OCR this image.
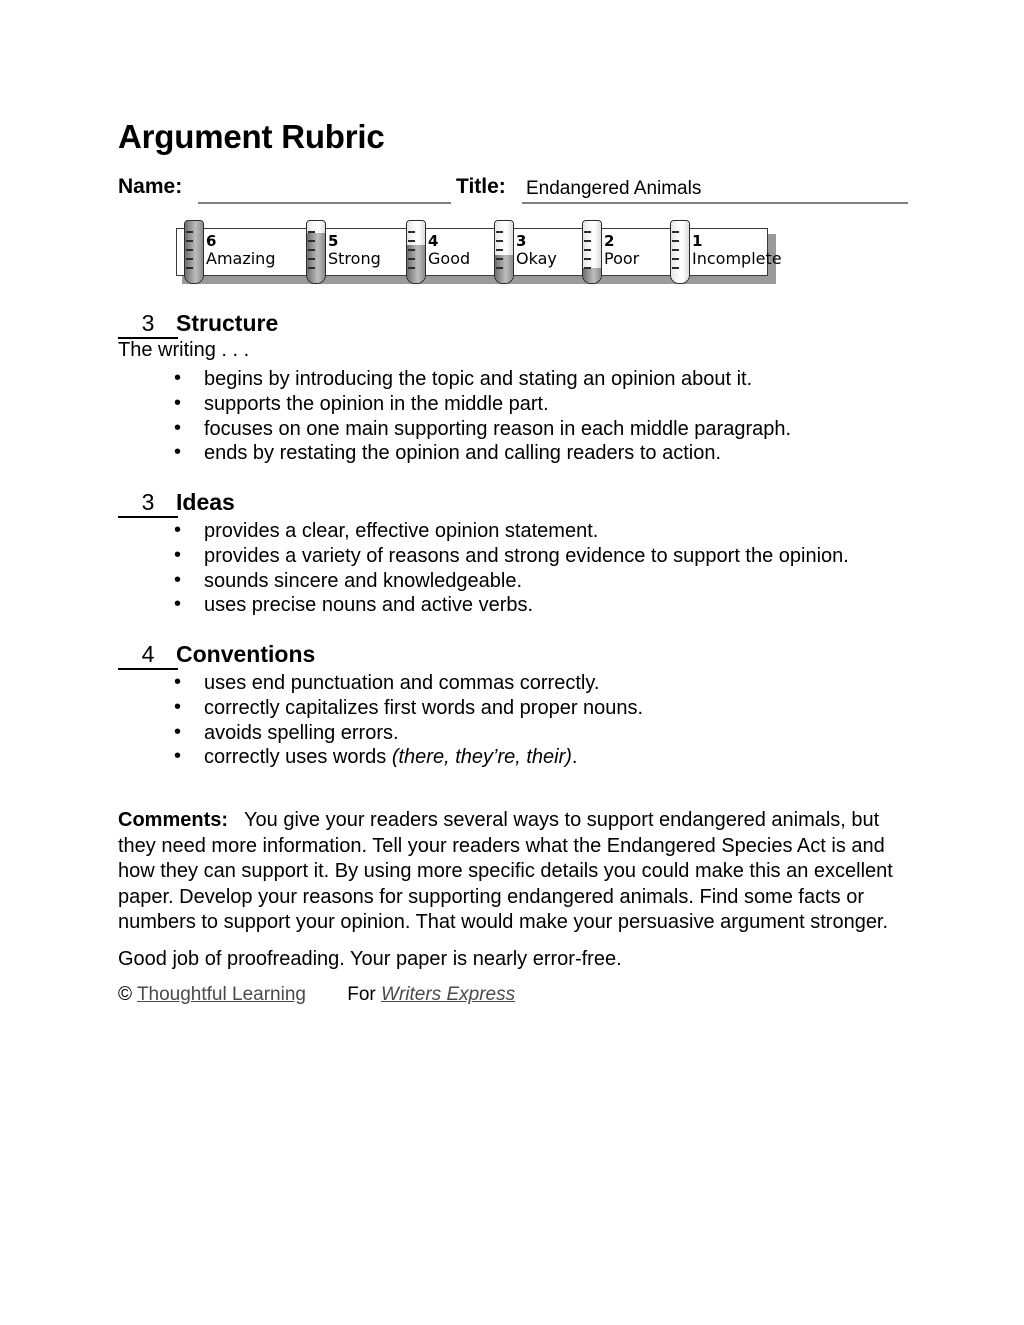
Argument Rubric
Name:	Title: Endangered Animals
6
Amazing
5
Strong
4
Good
3
Okay
2
Poor
1
Incomplete
3 Structure
The writing . . .
• begins by introducing the topic and stating an opinion about it.
• supports the opinion in the middle part.
• focuses on one main supporting reason in each middle paragraph.
• ends by restating the opinion and calling readers to action.
3 Ideas
• provides a clear, effective opinion statement.
• provides a variety of reasons and strong evidence to support the opinion.
• sounds sincere and knowledgeable.
• uses precise nouns and active verbs.
4 Conventions
• uses end punctuation and commas correctly.
• correctly capitalizes first words and proper nouns.
• avoids spelling errors.
• correctly uses words (there, they’re, their).
Comments: You give your readers several ways to support endangered animals, but they need more information. Tell your readers what the Endangered Species Act is and how they can support it. By using more specific details you could make this an excellent paper. Develop your reasons for supporting endangered animals. Find some facts or numbers to support your opinion. That would make your persuasive argument stronger.
Good job of proofreading. Your paper is nearly error-free.
© Thoughtful Learning For Writers Express
